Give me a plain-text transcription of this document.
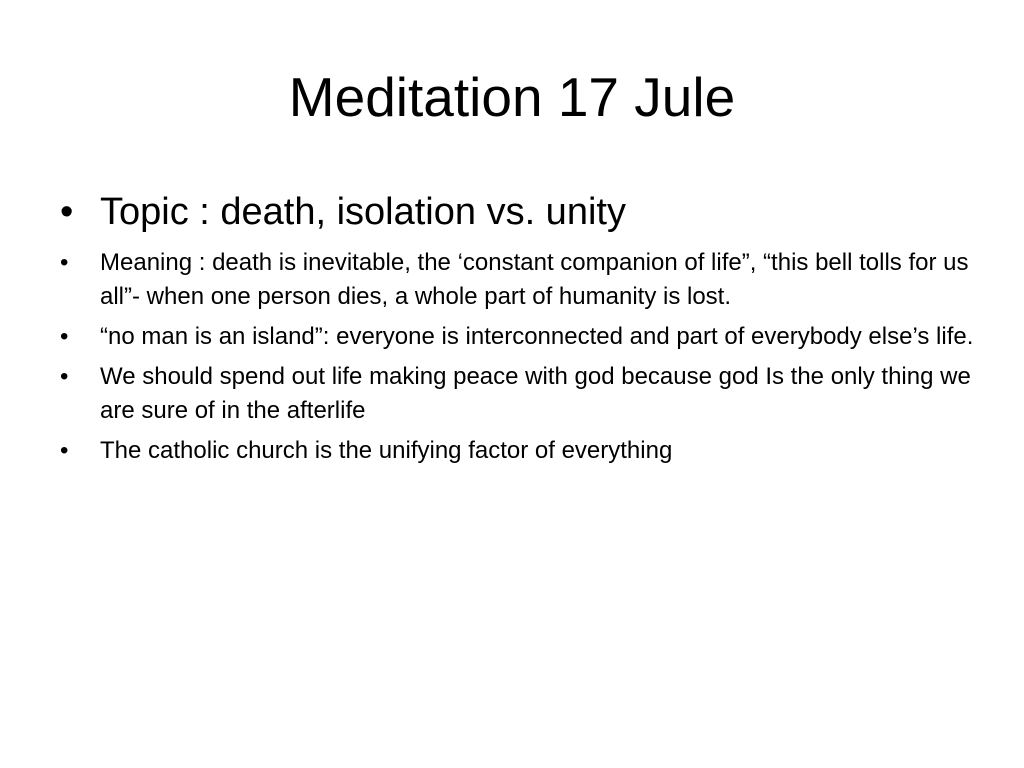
Meditation 17 Jule
• Topic : death, isolation vs. unity
• Meaning : death is inevitable, the ‘constant companion of life”, “this bell tolls for us all”- when one person dies, a whole part of humanity is lost.
• “no man is an island”: everyone is interconnected and part of everybody else’s life.
• We should spend out life making peace with god because god Is the only thing we are sure of in the afterlife
• The catholic church is the unifying factor of everything
